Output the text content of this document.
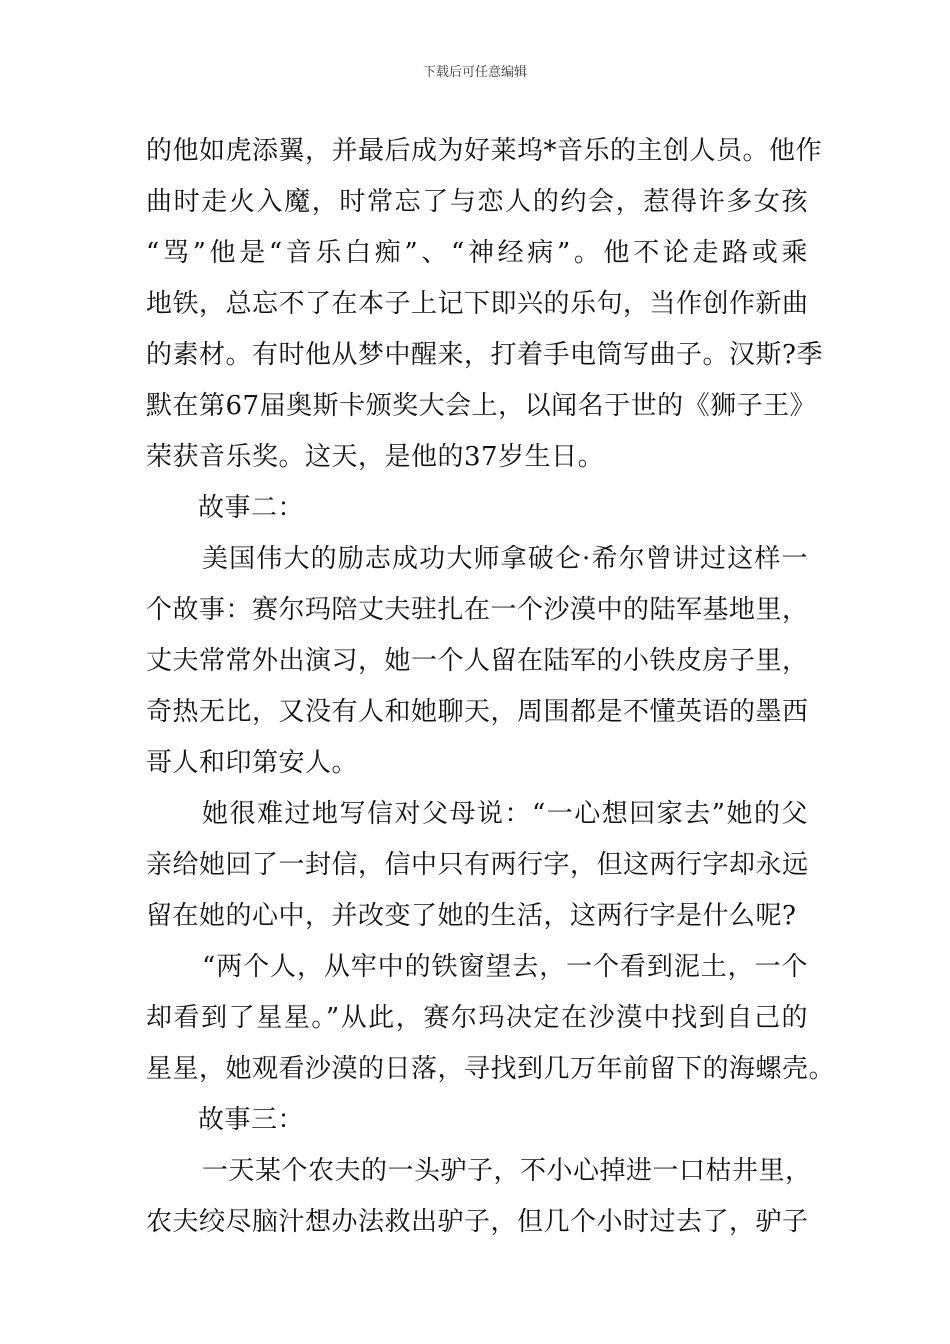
下载后可任意编辑
的他如虎添翼，并最后成为好莱坞*音乐的主创人员。他作
曲时走火入魔，时常忘了与恋人的约会，惹得许多女孩
“骂”他是“音乐白痴”、“神经病”。他不论走路或乘
地铁，总忘不了在本子上记下即兴的乐句，当作创作新曲
的素材。有时他从梦中醒来，打着手电筒写曲子。汉斯?季
默在第67届奥斯卡颁奖大会上，以闻名于世的《狮子王》
荣获音乐奖。这天，是他的37岁生日。
故事二：
美国伟大的励志成功大师拿破仑·希尔曾讲过这样一
个故事：赛尔玛陪丈夫驻扎在一个沙漠中的陆军基地里，
丈夫常常外出演习，她一个人留在陆军的小铁皮房子里，
奇热无比，又没有人和她聊天，周围都是不懂英语的墨西
哥人和印第安人。
她很难过地写信对父母说：“一心想回家去”她的父
亲给她回了一封信，信中只有两行字，但这两行字却永远
留在她的心中，并改变了她的生活，这两行字是什么呢?
“两个人，从牢中的铁窗望去，一个看到泥土，一个
却看到了星星。”从此，赛尔玛决定在沙漠中找到自己的
星星，她观看沙漠的日落，寻找到几万年前留下的海螺壳。
故事三：
一天某个农夫的一头驴子，不小心掉进一口枯井里，
农夫绞尽脑汁想办法救出驴子，但几个小时过去了，驴子
